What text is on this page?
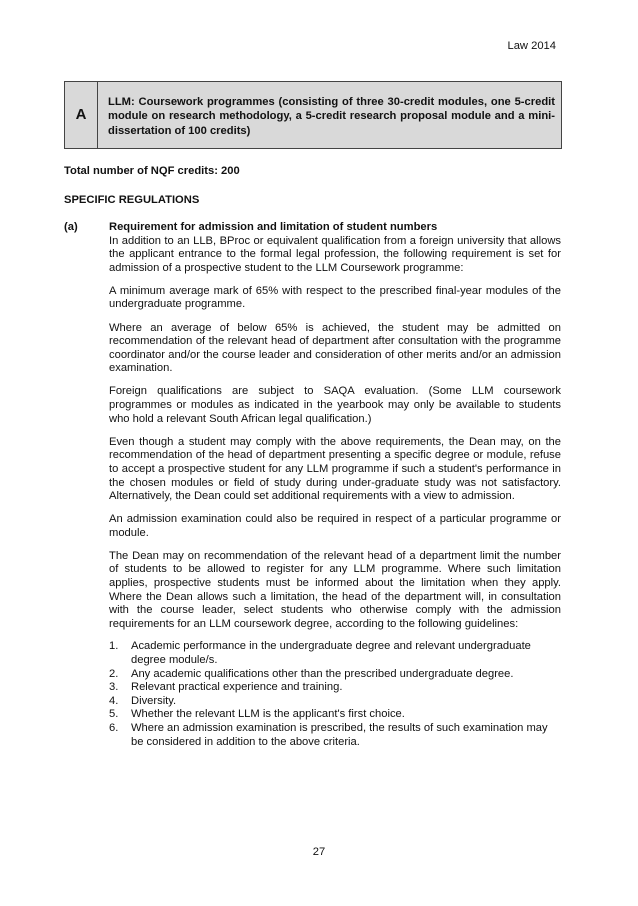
Law 2014
A
LLM: Coursework programmes (consisting of three 30-credit modules, one 5-credit module on research methodology, a 5-credit research proposal module and a mini-dissertation of 100 credits)
Total number of NQF credits: 200
SPECIFIC REGULATIONS
(a)	Requirement for admission and limitation of student numbers

In addition to an LLB, BProc or equivalent qualification from a foreign university that allows the applicant entrance to the formal legal profession, the following requirement is set for admission of a prospective student to the LLM Coursework programme:

A minimum average mark of 65% with respect to the prescribed final-year modules of the undergraduate programme.

Where an average of below 65% is achieved, the student may be admitted on recommendation of the relevant head of department after consultation with the programme coordinator and/or the course leader and consideration of other merits and/or an admission examination.

Foreign qualifications are subject to SAQA evaluation. (Some LLM coursework programmes or modules as indicated in the yearbook may only be available to students who hold a relevant South African legal qualification.)

Even though a student may comply with the above requirements, the Dean may, on the recommendation of the head of department presenting a specific degree or module, refuse to accept a prospective student for any LLM programme if such a student's performance in the chosen modules or field of study during under-graduate study was not satisfactory. Alternatively, the Dean could set additional requirements with a view to admission.

An admission examination could also be required in respect of a particular programme or module.

The Dean may on recommendation of the relevant head of a department limit the number of students to be allowed to register for any LLM programme. Where such limitation applies, prospective students must be informed about the limitation when they apply. Where the Dean allows such a limitation, the head of the department will, in consultation with the course leader, select students who otherwise comply with the admission requirements for an LLM coursework degree, according to the following guidelines:

1.	Academic performance in the undergraduate degree and relevant undergraduate degree module/s.
2.	Any academic qualifications other than the prescribed undergraduate degree.
3.	Relevant practical experience and training.
4.	Diversity.
5.	Whether the relevant LLM is the applicant's first choice.
6.	Where an admission examination is prescribed, the results of such examination may be considered in addition to the above criteria.
27
